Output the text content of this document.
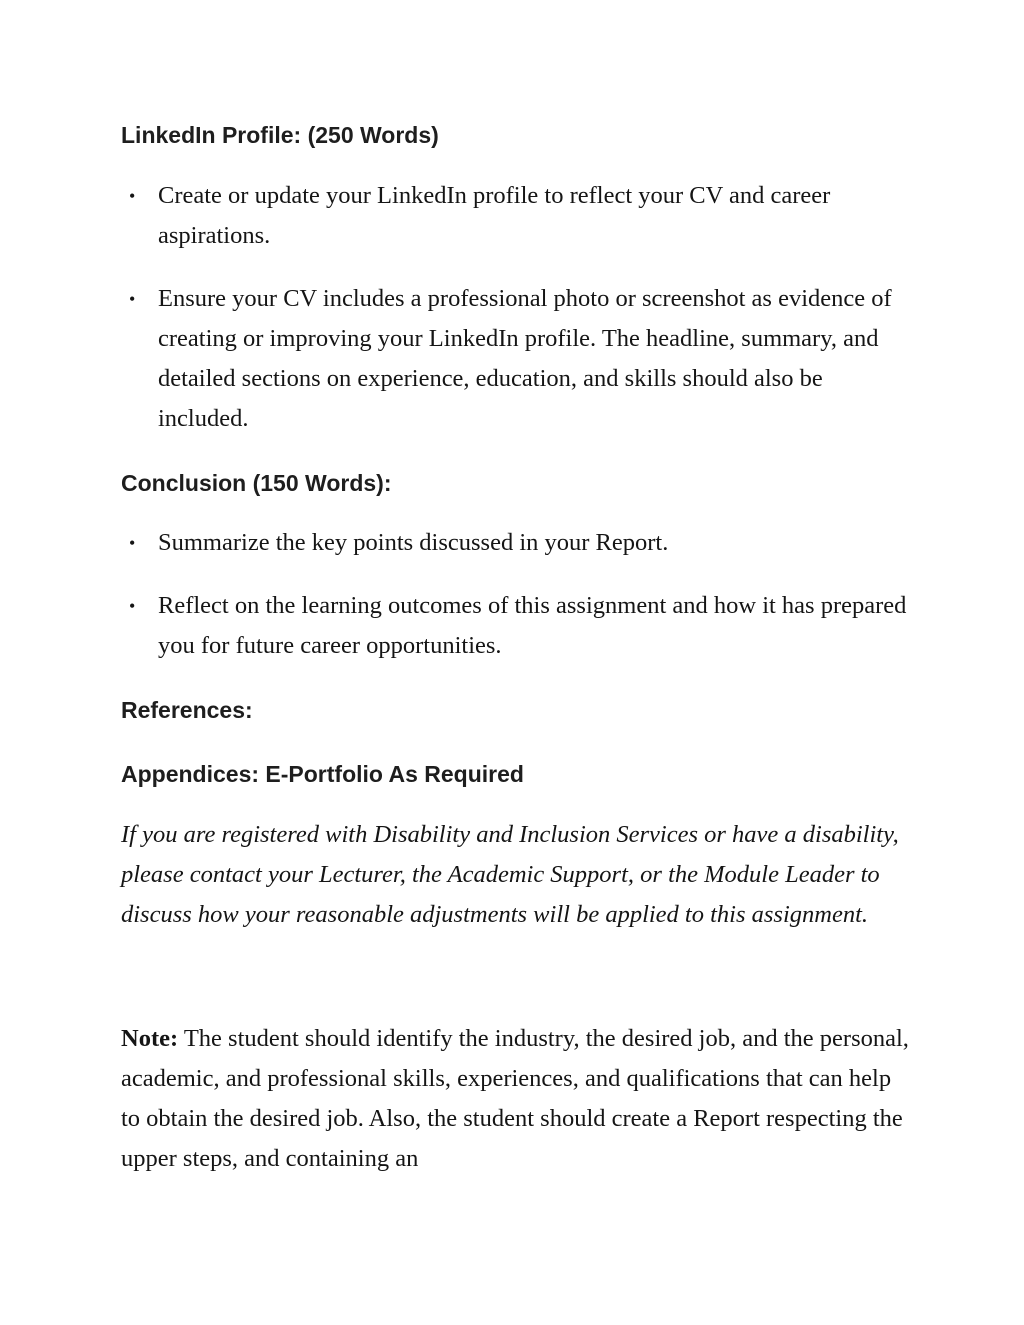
LinkedIn Profile: (250 Words)
• Create or update your LinkedIn profile to reflect your CV and career aspirations.
• Ensure your CV includes a professional photo or screenshot as evidence of creating or improving your LinkedIn profile. The headline, summary, and detailed sections on experience, education, and skills should also be included.
Conclusion (150 Words):
• Summarize the key points discussed in your Report.
• Reflect on the learning outcomes of this assignment and how it has prepared you for future career opportunities.
References:
Appendices: E-Portfolio As Required

If you are registered with Disability and Inclusion Services or have a disability, please contact your Lecturer, the Academic Support, or the Module Leader to discuss how your reasonable adjustments will be applied to this assignment.

Note: The student should identify the industry, the desired job, and the personal, academic, and professional skills, experiences, and qualifications that can help to obtain the desired job. Also, the student should create a Report respecting the upper steps, and containing an
